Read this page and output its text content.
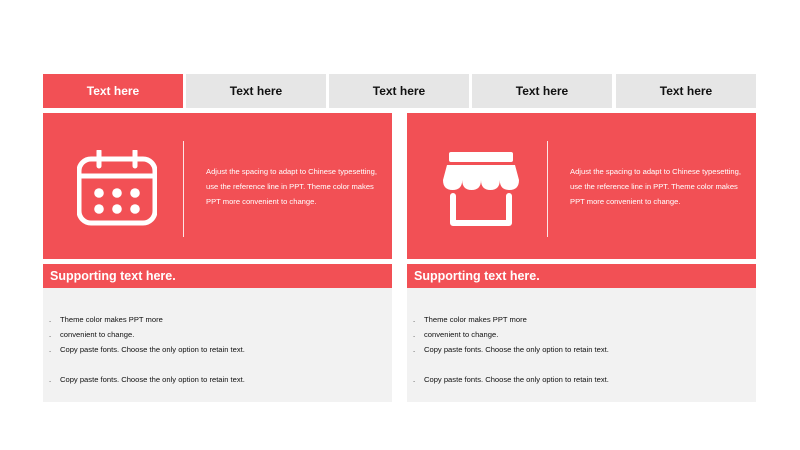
Text here	Text here	Text here	Text here	Text here
Adjust the spacing to adapt to Chinese typesetting, use the reference line in PPT. Theme color makes PPT more convenient to change.
Supporting text here.
. Theme color makes PPT more
. convenient to change.
. Copy paste fonts. Choose the only option to retain text.
. Copy paste fonts. Choose the only option to retain text.
Adjust the spacing to adapt to Chinese typesetting, use the reference line in PPT. Theme color makes PPT more convenient to change.
Supporting text here.
. Theme color makes PPT more
. convenient to change.
. Copy paste fonts. Choose the only option to retain text.
. Copy paste fonts. Choose the only option to retain text.
